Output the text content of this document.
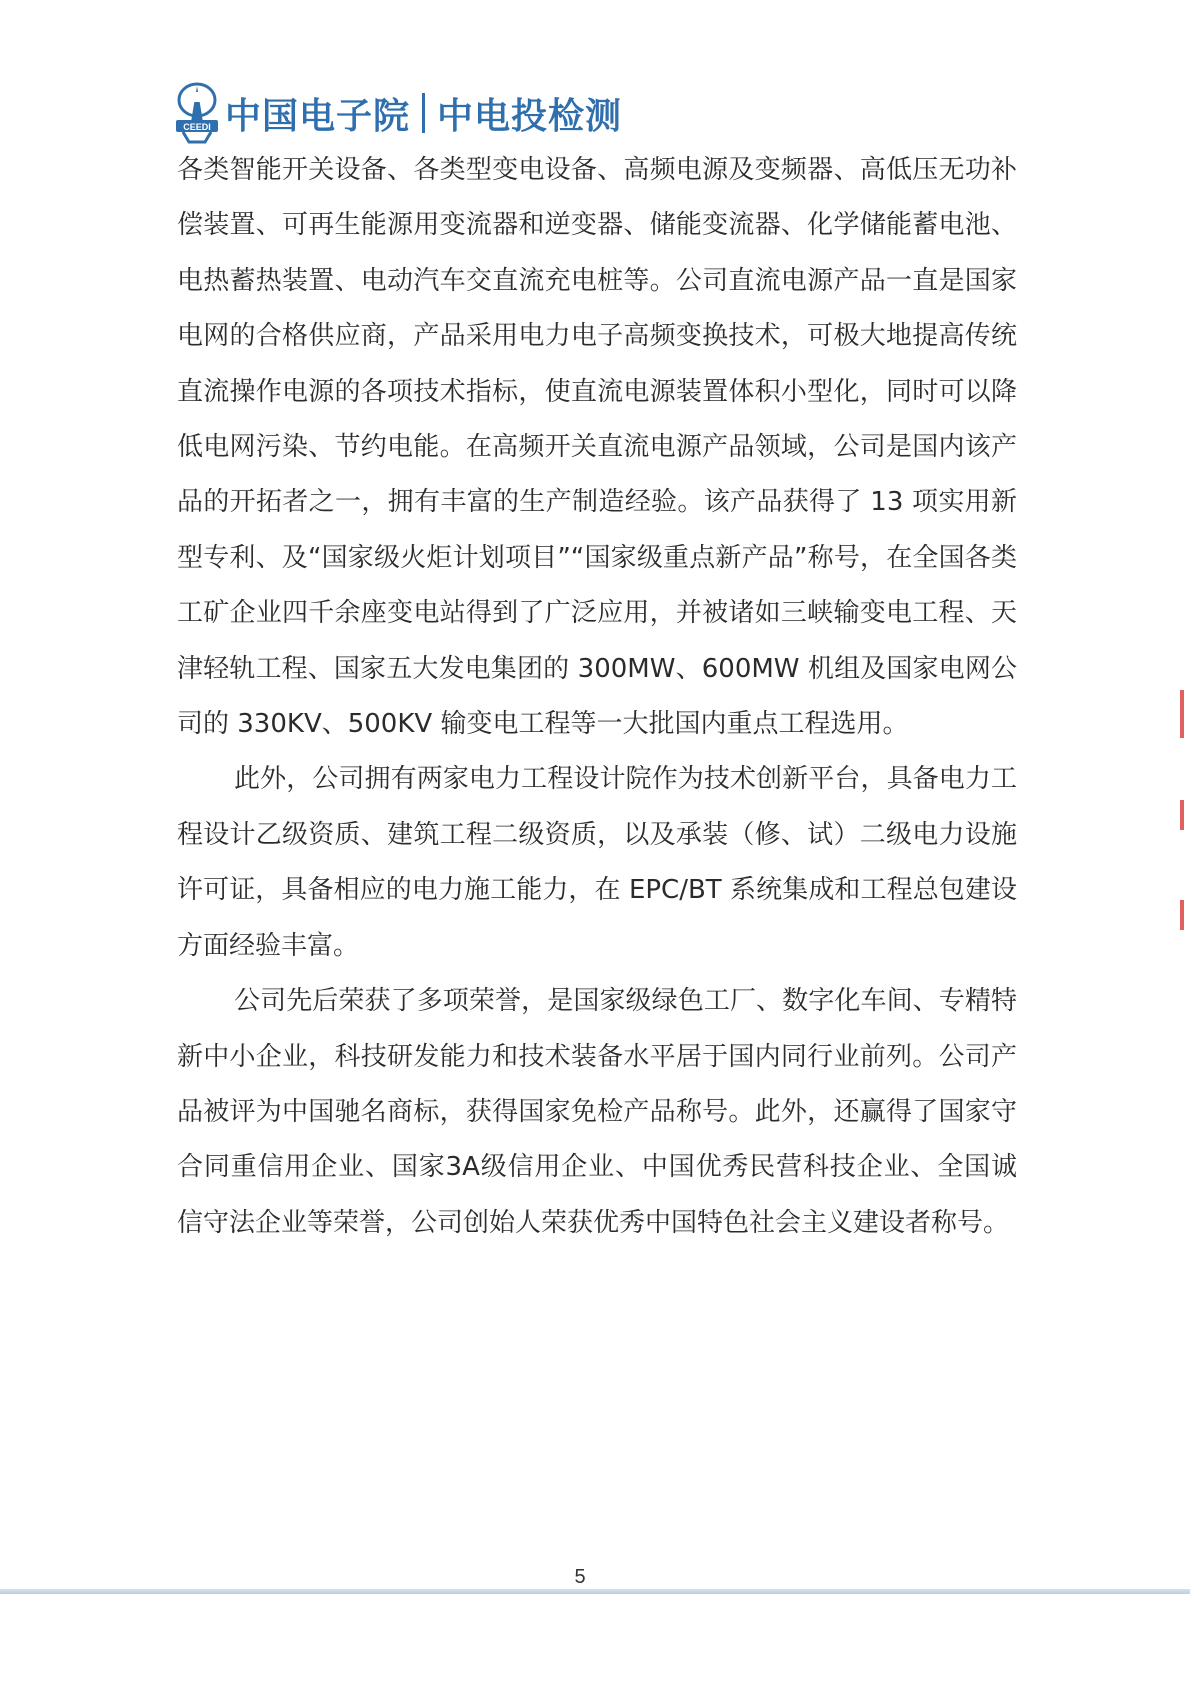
CEEDI 中国电子院 中电投检测

各类智能开关设备、各类型变电设备、高频电源及变频器、高低压无功补偿装置、可再生能源用变流器和逆变器、储能变流器、化学储能蓄电池、电热蓄热装置、电动汽车交直流充电桩等。公司直流电源产品一直是国家电网的合格供应商，产品采用电力电子高频变换技术，可极大地提高传统直流操作电源的各项技术指标，使直流电源装置体积小型化，同时可以降低电网污染、节约电能。在高频开关直流电源产品领域，公司是国内该产品的开拓者之一，拥有丰富的生产制造经验。该产品获得了 13 项实用新型专利、及“国家级火炬计划项目”“国家级重点新产品”称号，在全国各类工矿企业四千余座变电站得到了广泛应用，并被诸如三峡输变电工程、天津轻轨工程、国家五大发电集团的 300MW、600MW 机组及国家电网公司的 330KV、500KV 输变电工程等一大批国内重点工程选用。

此外，公司拥有两家电力工程设计院作为技术创新平台，具备电力工程设计乙级资质、建筑工程二级资质，以及承装（修、试）二级电力设施许可证，具备相应的电力施工能力，在 EPC/BT 系统集成和工程总包建设方面经验丰富。

公司先后荣获了多项荣誉，是国家级绿色工厂、数字化车间、专精特新中小企业，科技研发能力和技术装备水平居于国内同行业前列。公司产品被评为中国驰名商标，获得国家免检产品称号。此外，还赢得了国家守合同重信用企业、国家3A级信用企业、中国优秀民营科技企业、全国诚信守法企业等荣誉，公司创始人荣获优秀中国特色社会主义建设者称号。

5
